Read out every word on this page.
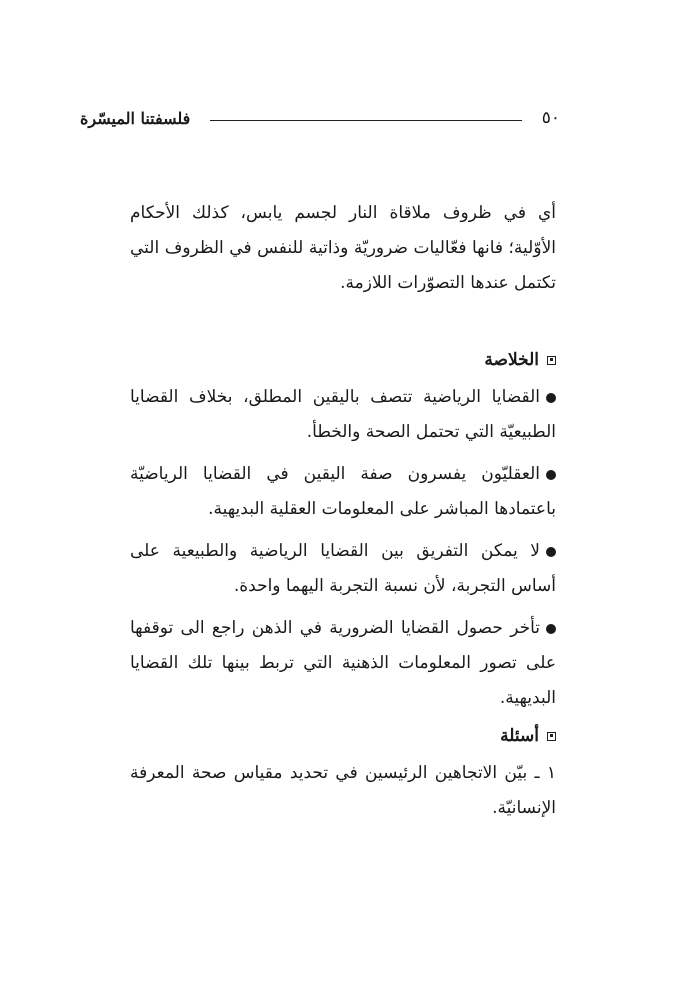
٥٠
فلسفتنا الميسّرة

أي في ظروف ملاقاة النار لجسم يابس، كذلك الأحكام الأوّلية؛ فانها فعّاليات ضروريّة وذاتية للنفس في الظروف التي تكتمل عندها التصوّرات اللازمة.

الخلاصة

القضايا الرياضية تتصف باليقين المطلق، بخلاف القضايا الطبيعيّة التي تحتمل الصحة والخطأ.

العقليّون يفسرون صفة اليقين في القضايا الرياضيّة باعتمادها المباشر على المعلومات العقلية البديهية.

لا يمكن التفريق بين القضايا الرياضية والطبيعية على أساس التجربة، لأن نسبة التجربة اليهما واحدة.

تأخر حصول القضايا الضرورية في الذهن راجع الى توقفها على تصور المعلومات الذهنية التي تربط بينها تلك القضايا البديهية.

أسئلة

١ ـ بيّن الاتجاهين الرئيسين في تحديد مقياس صحة المعرفة الإنسانيّة.
